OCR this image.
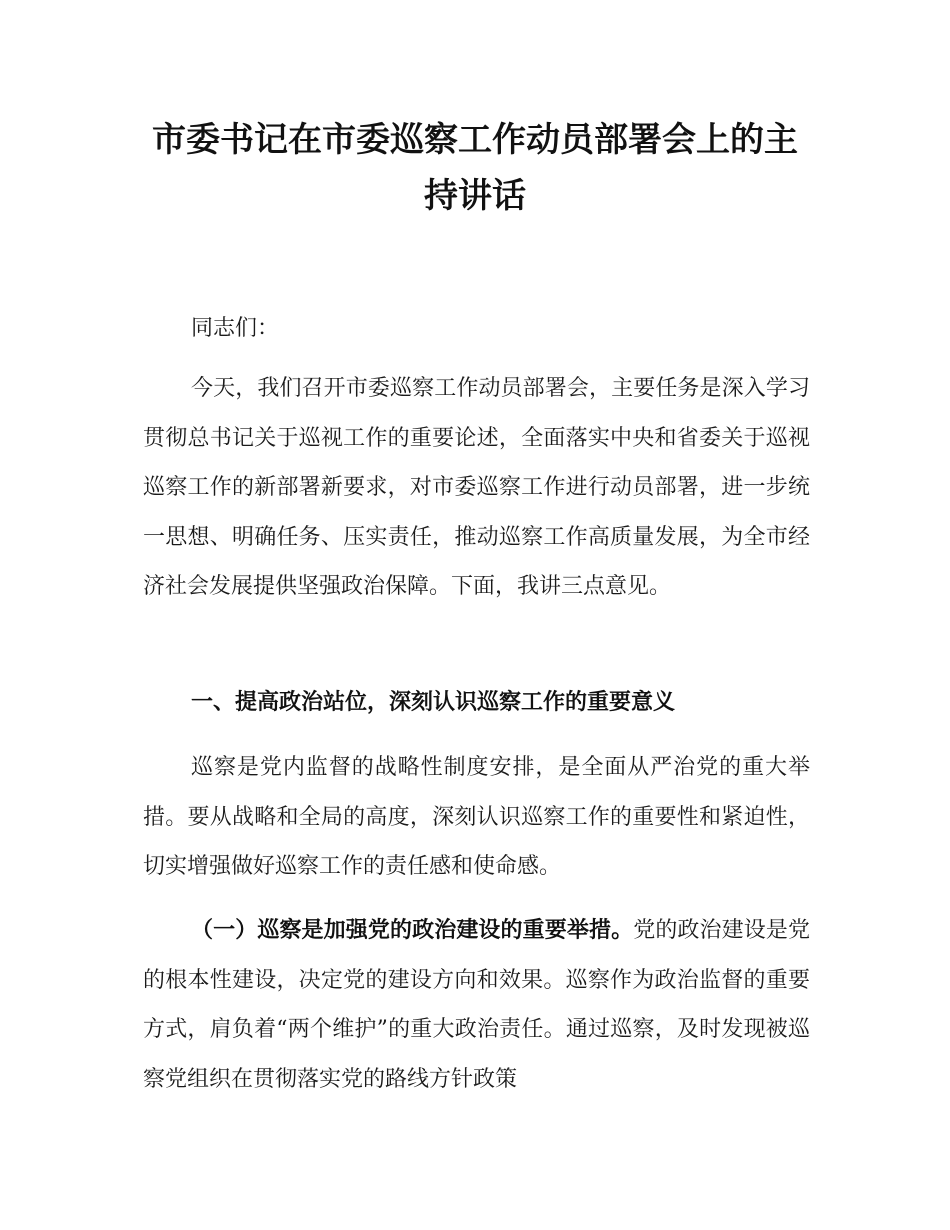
市委书记在市委巡察工作动员部署会上的主
持讲话

同志们：

今天，我们召开市委巡察工作动员部署会，主要任务是深入学习贯彻总书记关于巡视工作的重要论述，全面落实中央和省委关于巡视巡察工作的新部署新要求，对市委巡察工作进行动员部署，进一步统一思想、明确任务、压实责任，推动巡察工作高质量发展，为全市经济社会发展提供坚强政治保障。下面，我讲三点意见。

一、提高政治站位，深刻认识巡察工作的重要意义

巡察是党内监督的战略性制度安排，是全面从严治党的重大举措。要从战略和全局的高度，深刻认识巡察工作的重要性和紧迫性，切实增强做好巡察工作的责任感和使命感。

（一）巡察是加强党的政治建设的重要举措。党的政治建设是党的根本性建设，决定党的建设方向和效果。巡察作为政治监督的重要方式，肩负着“两个维护”的重大政治责任。通过巡察，及时发现被巡察党组织在贯彻落实党的路线方针政策
